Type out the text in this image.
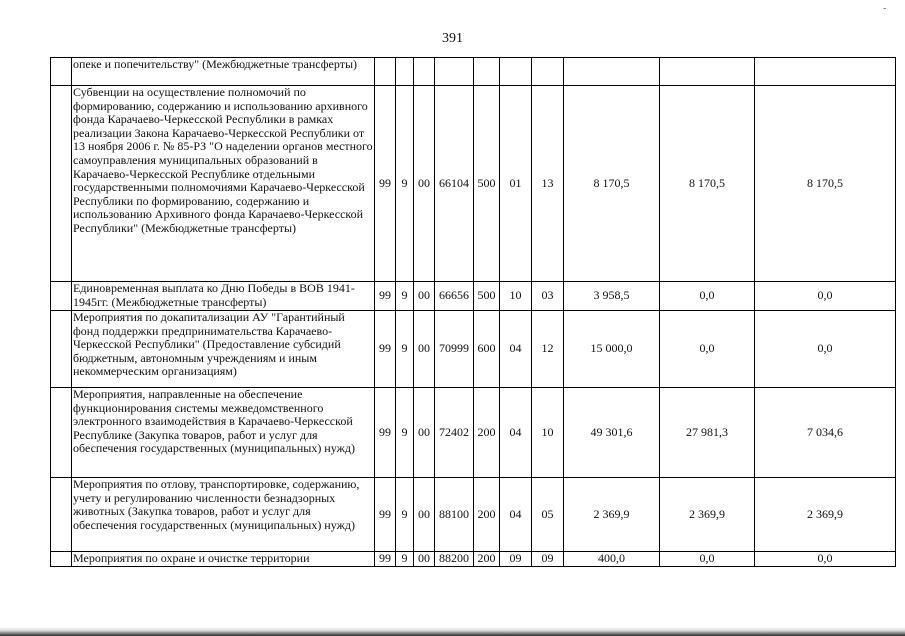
391
-
	опеке и попечительству" (Межбюджетные трансферты)										
	Субвенции на осуществление полномочий по формированию, содержанию и использованию архивного фонда Карачаево-Черкесской Республики в рамках реализации Закона Карачаево-Черкесской Республики от 13 ноября 2006 г. № 85-РЗ "О наделении органов местного самоуправления муниципальных образований в Карачаево-Черкесской Республике отдельными государственными полномочиями Карачаево-Черкесской Республики по формированию, содержанию и использованию Архивного фонда Карачаево-Черкесской Республики" (Межбюджетные трансферты)	99	9	00	66104	500	01	13	8 170,5	8 170,5	8 170,5
	Единовременная выплата ко Дню Победы в ВОВ 1941-1945гг. (Межбюджетные трансферты)	99	9	00	66656	500	10	03	3 958,5	0,0	0,0
	Мероприятия по докапитализации АУ "Гарантийный фонд поддержки предпринимательства Карачаево-Черкесской Республики" (Предоставление субсидий бюджетным, автономным учреждениям и иным некоммерческим организациям)	99	9	00	70999	600	04	12	15 000,0	0,0	0,0
	Мероприятия, направленные на обеспечение функционирования системы межведомственного электронного взаимодействия в Карачаево-Черкесской Республике (Закупка товаров, работ и услуг для обеспечения государственных (муниципальных) нужд)	99	9	00	72402	200	04	10	49 301,6	27 981,3	7 034,6
	Мероприятия по отлову, транспортировке, содержанию, учету и регулированию численности безнадзорных животных (Закупка товаров, работ и услуг для обеспечения государственных (муниципальных) нужд)	99	9	00	88100	200	04	05	2 369,9	2 369,9	2 369,9
	Мероприятия по охране и очистке территории	99	9	00	88200	200	09	09	400,0	0,0	0,0
